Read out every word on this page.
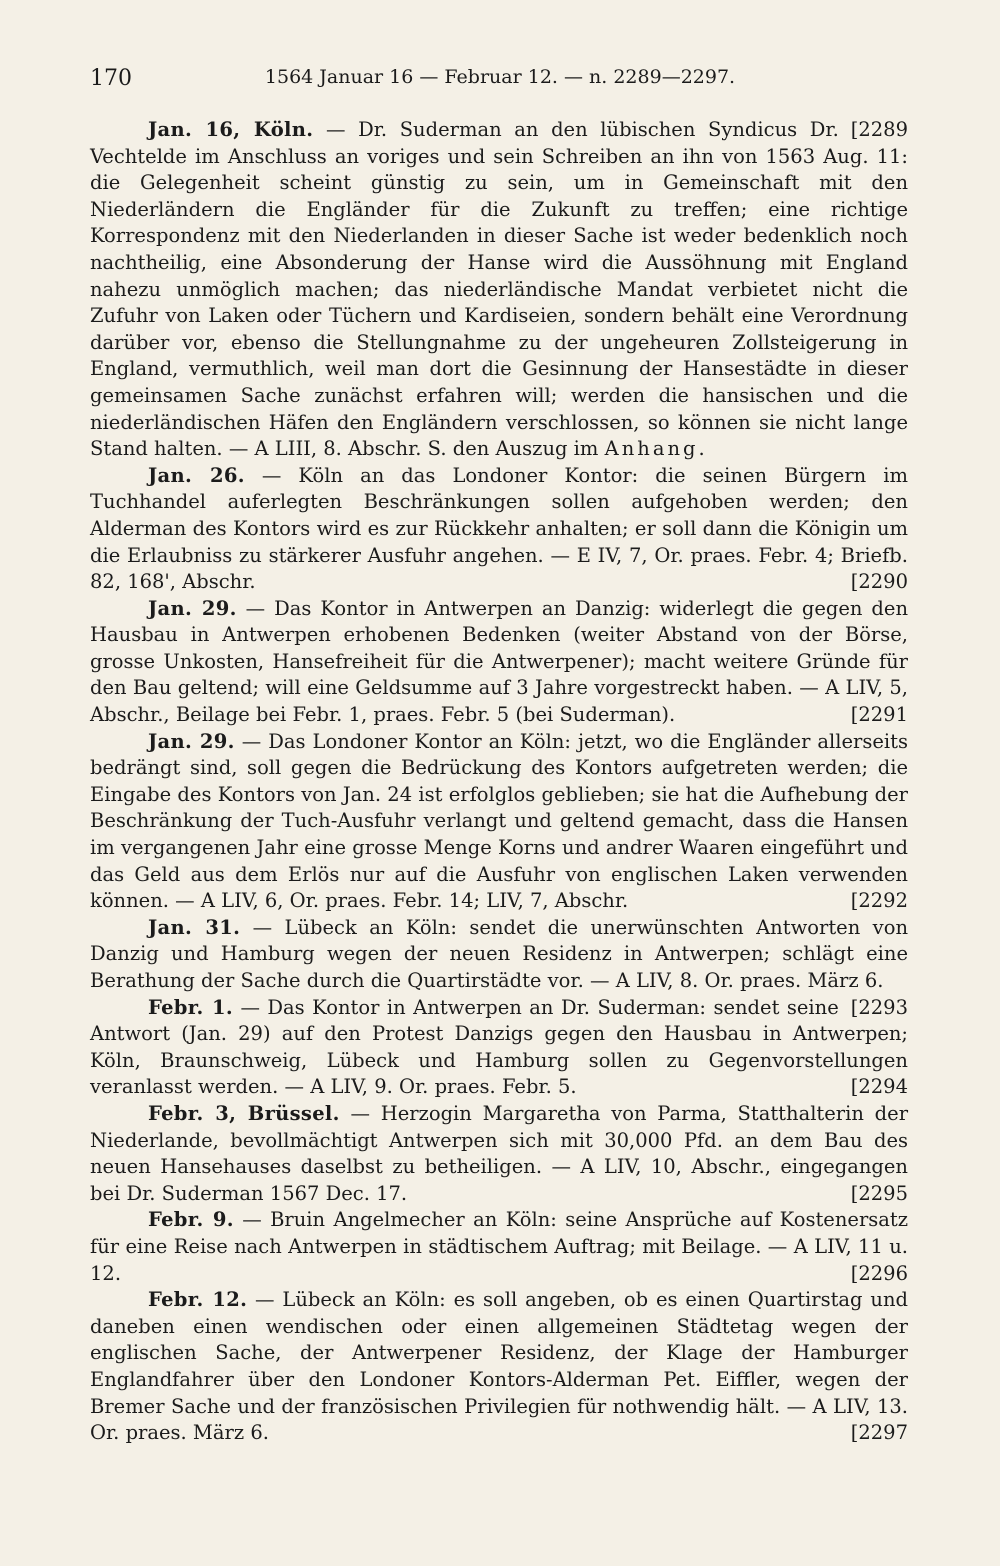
170	1564 Januar 16 — Februar 12. — n. 2289—2297.

[2289
Jan. 16, Köln. — Dr. Suderman an den lübischen Syndicus Dr. Vechtelde im Anschluss an voriges und sein Schreiben an ihn von 1563 Aug. 11: die Gelegenheit scheint günstig zu sein, um in Gemeinschaft mit den Niederländern die Engländer für die Zukunft zu treffen; eine richtige Korrespondenz mit den Niederlanden in dieser Sache ist weder bedenklich noch nachtheilig, eine Absonderung der Hanse wird die Aussöhnung mit England nahezu unmöglich machen; das niederländische Mandat verbietet nicht die Zufuhr von Laken oder Tüchern und Kardiseien, sondern behält eine Verordnung darüber vor, ebenso die Stellungnahme zu der ungeheuren Zollsteigerung in England, vermuthlich, weil man dort die Gesinnung der Hansestädte in dieser gemeinsamen Sache zunächst erfahren will; werden die hansischen und die niederländischen Häfen den Engländern verschlossen, so können sie nicht lange Stand halten. — A LIII, 8. Abschr. S. den Auszug im Anhang.

Jan. 26. — Köln an das Londoner Kontor: die seinen Bürgern im Tuchhandel auferlegten Beschränkungen sollen aufgehoben werden; den Alderman des Kontors wird es zur Rückkehr anhalten; er soll dann die Königin um die Erlaubniss zu stärkerer Ausfuhr angehen. — E IV, 7, Or. praes. Febr. 4; Briefb. 82, 168', Abschr.	[2290

Jan. 29. — Das Kontor in Antwerpen an Danzig: widerlegt die gegen den Hausbau in Antwerpen erhobenen Bedenken (weiter Abstand von der Börse, grosse Unkosten, Hansefreiheit für die Antwerpener); macht weitere Gründe für den Bau geltend; will eine Geldsumme auf 3 Jahre vorgestreckt haben. — A LIV, 5, Abschr., Beilage bei Febr. 1, praes. Febr. 5 (bei Suderman).	[2291

Jan. 29. — Das Londoner Kontor an Köln: jetzt, wo die Engländer allerseits bedrängt sind, soll gegen die Bedrückung des Kontors aufgetreten werden; die Eingabe des Kontors von Jan. 24 ist erfolglos geblieben; sie hat die Aufhebung der Beschränkung der Tuch-Ausfuhr verlangt und geltend gemacht, dass die Hansen im vergangenen Jahr eine grosse Menge Korns und andrer Waaren eingeführt und das Geld aus dem Erlös nur auf die Ausfuhr von englischen Laken verwenden können. — A LIV, 6, Or. praes. Febr. 14; LIV, 7, Abschr.	[2292

Jan. 31. — Lübeck an Köln: sendet die unerwünschten Antworten von Danzig und Hamburg wegen der neuen Residenz in Antwerpen; schlägt eine Berathung der Sache durch die Quartirstädte vor. — A LIV, 8. Or. praes. März 6.
[2293

Febr. 1. — Das Kontor in Antwerpen an Dr. Suderman: sendet seine Antwort (Jan. 29) auf den Protest Danzigs gegen den Hausbau in Antwerpen; Köln, Braunschweig, Lübeck und Hamburg sollen zu Gegenvorstellungen veranlasst werden. — A LIV, 9. Or. praes. Febr. 5.	[2294

Febr. 3, Brüssel. — Herzogin Margaretha von Parma, Statthalterin der Niederlande, bevollmächtigt Antwerpen sich mit 30,000 Pfd. an dem Bau des neuen Hansehauses daselbst zu betheiligen. — A LIV, 10, Abschr., eingegangen bei Dr. Suderman 1567 Dec. 17.	[2295

Febr. 9. — Bruin Angelmecher an Köln: seine Ansprüche auf Kostenersatz für eine Reise nach Antwerpen in städtischem Auftrag; mit Beilage. — A LIV, 11 u. 12.	[2296

Febr. 12. — Lübeck an Köln: es soll angeben, ob es einen Quartirstag und daneben einen wendischen oder einen allgemeinen Städtetag wegen der englischen Sache, der Antwerpener Residenz, der Klage der Hamburger Englandfahrer über den Londoner Kontors-Alderman Pet. Eiffler, wegen der Bremer Sache und der französischen Privilegien für nothwendig hält. — A LIV, 13. Or. praes. März 6.	[2297
